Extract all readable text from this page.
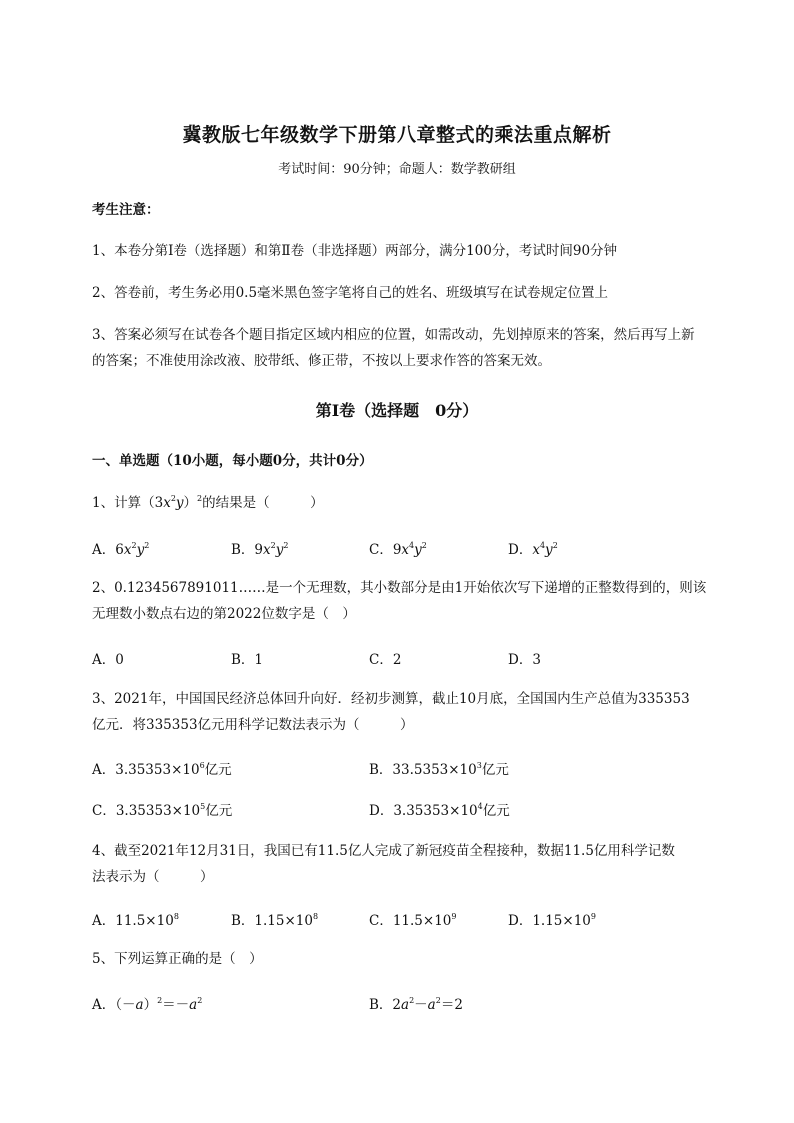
冀教版七年级数学下册第八章整式的乘法重点解析
考试时间：90分钟；命题人：数学教研组
考生注意：
1、本卷分第Ⅰ卷（选择题）和第Ⅱ卷（非选择题）两部分，满分100分，考试时间90分钟
2、答卷前，考生务必用0.5毫米黑色签字笔将自己的姓名、班级填写在试卷规定位置上
3、答案必须写在试卷各个题目指定区域内相应的位置，如需改动，先划掉原来的答案，然后再写上新的答案；不准使用涂改液、胶带纸、修正带，不按以上要求作答的答案无效。
第Ⅰ卷（选择题　0分）
一、单选题（10小题，每小题0分，共计0分）
1、计算$(3x^2y)^2$的结果是（　　　）
A．$6x^2y^2$	B．$9x^2y^2$	C．$9x^4y^2$	D．$x^4y^2$
2、0.1234567891011……是一个无理数，其小数部分是由1开始依次写下递增的正整数得到的，则该
无理数小数点右边的第2022位数字是（　）
A．0	B．1	C．2	D．3
3、2021年，中国国民经济总体回升向好．经初步测算，截止10月底，全国国内生产总值为335353
亿元．将335353亿元用科学记数法表示为（　　　）
A．$3.35353\times 10^6$亿元	B．$33.5353\times 10^3$亿元
C．$3.35353\times 10^5$亿元	D．$3.35353\times 10^4$亿元
4、截至2021年12月31日，我国已有11.5亿人完成了新冠疫苗全程接种，数据11.5亿用科学记数
法表示为（　　　）
A．$11.5\times 10^8$	B．$1.15\times 10^8$	C．$11.5\times 10^9$	D．$1.15\times 10^9$
5、下列运算正确的是（　）
A．$(-a)^2=-a^2$	B．$2a^2-a^2=2$
